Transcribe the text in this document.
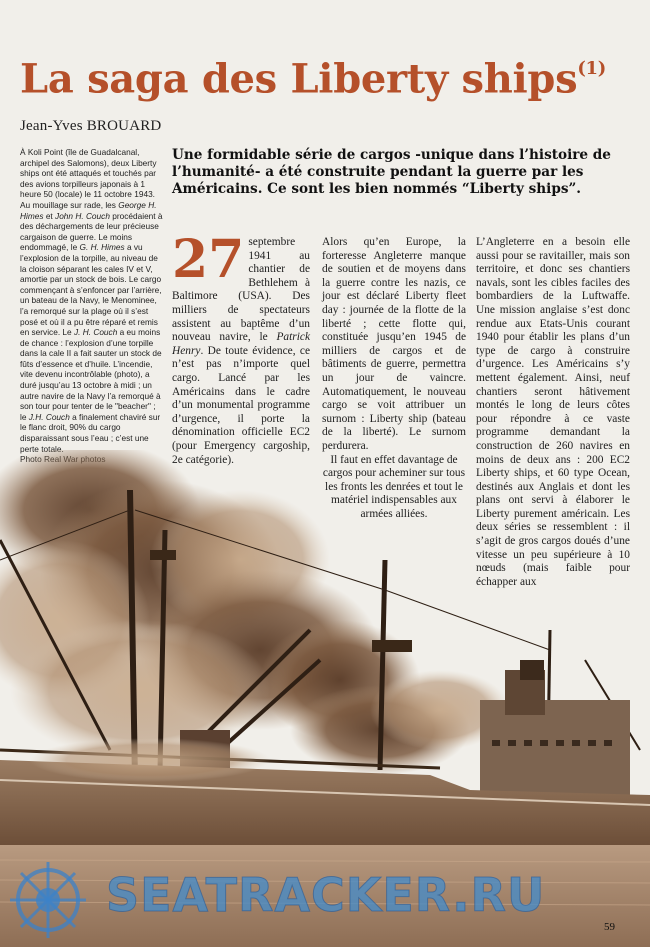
La saga des Liberty ships$^{(1)}$
Jean-Yves BROUARD
À Koli Point (île de Guadalcanal, archipel des Salomons), deux Liberty ships ont été attaqués et touchés par des avions torpilleurs japonais à 1 heure 50 (locale) le 11 octobre 1943. Au mouillage sur rade, les George H. Himes et John H. Couch procédaient à des déchargements de leur précieuse cargaison de guerre. Le moins endommagé, le G. H. Himes a vu l’explosion de la torpille, au niveau de la cloison séparant les cales IV et V, amortie par un stock de bois. Le cargo commençant à s’enfoncer par l’arrière, un bateau de la Navy, le Menominee, l’a remorqué sur la plage où il s’est posé et où il a pu être réparé et remis en service. Le J. H. Couch a eu moins de chance : l’explosion d’une torpille dans la cale II a fait sauter un stock de fûts d’essence et d’huile. L’incendie, vite devenu incontrôlable (photo), a duré jusqu’au 13 octobre à midi ; un autre navire de la Navy l’a remorqué à son tour pour tenter de le "beacher" ; le J.H. Couch a finalement chaviré sur le flanc droit, 90% du cargo disparaissant sous l’eau ; c’est une perte totale.

Une formidable série de cargos -unique dans l’histoire de l’humanité- a été construite pendant la guerre par les Américains. Ce sont les bien nommés “Liberty ships”.
27 septembre 1941 au chantier de Bethlehem à Baltimore (USA). Des milliers de spectateurs assistent au baptême d’un nouveau navire, le Patrick Henry. De toute évidence, ce n’est pas n’importe quel cargo. Lancé par les Américains dans le cadre d’un monumental programme d’urgence, il porte la dénomination officielle EC2 (pour Emergency cargoship, 2e catégorie).

Alors qu’en Europe, la forteresse Angleterre manque de soutien et de moyens dans la guerre contre les nazis, ce jour est déclaré Liberty fleet day : journée de la flotte de la liberté ; cette flotte qui, constituée jusqu’en 1945 de milliers de cargos et de bâtiments de guerre, permettra un jour de vaincre. Automatiquement, le nouveau cargo se voit attribuer un surnom : Liberty ship (bateau de la liberté). Le surnom perdurera.

Il faut en effet davantage de cargos pour acheminer sur tous les fronts les denrées et tout le matériel indispensables aux armées alliées.

L’Angleterre en a besoin elle aussi pour se ravitailler, mais son territoire, et donc ses chantiers navals, sont les cibles faciles des bombardiers de la Luftwaffe. Une mission anglaise s’est donc rendue aux Etats-Unis courant 1940 pour établir les plans d’un type de cargo à construire d’urgence. Les Américains s’y mettent également. Ainsi, neuf chantiers seront hâtivement montés le long de leurs côtes pour répondre à ce vaste programme demandant la construction de 260 navires en moins de deux ans : 200 EC2 Liberty ships, et 60 type Ocean, destinés aux Anglais et dont les plans ont servi à élaborer le Liberty purement américain. Les deux séries se ressemblent : il s’agit de gros cargos doués d’une vitesse un peu supérieure à 10 nœuds (mais faible pour échapper aux

SEATRACKER.RU
59
